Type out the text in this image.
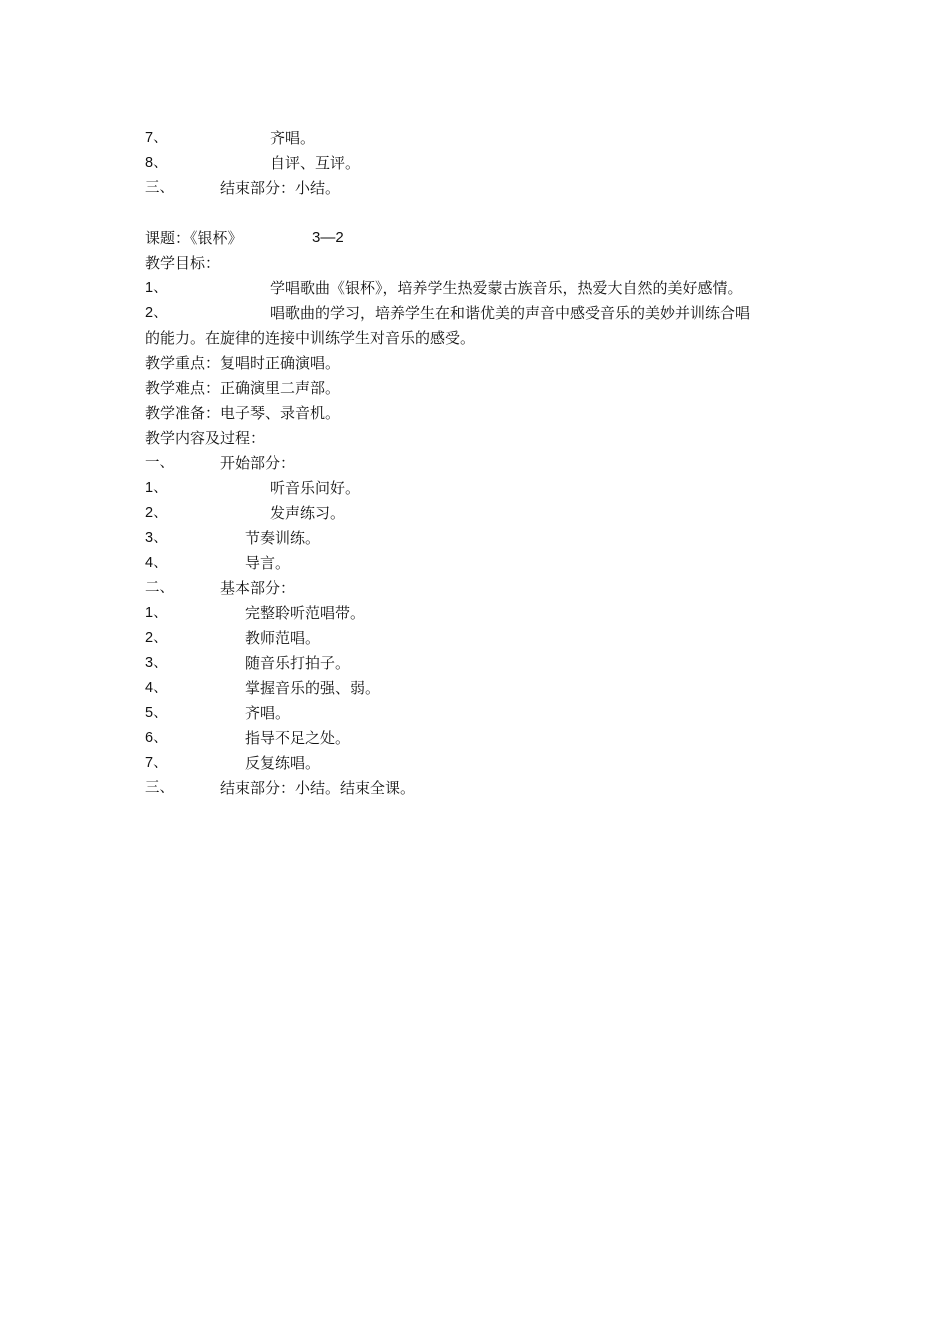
7、	齐唱。
8、	自评、互评。
三、	结束部分：小结。
课题：《银杯》	3—2
教学目标：
1、	学唱歌曲《银杯》，培养学生热爱蒙古族音乐，热爱大自然的美好感情。
2、	唱歌曲的学习，培养学生在和谐优美的声音中感受音乐的美妙并训练合唱
的能力。在旋律的连接中训练学生对音乐的感受。
教学重点：复唱时正确演唱。
教学难点：正确演里二声部。
教学准备：电子琴、录音机。
教学内容及过程：
一、	开始部分：
1、	听音乐问好。
2、	发声练习。
3、	节奏训练。
4、	导言。
二、	基本部分：
1、	完整聆听范唱带。
2、	教师范唱。
3、	随音乐打拍子。
4、	掌握音乐的强、弱。
5、	齐唱。
6、	指导不足之处。
7、	反复练唱。
三、	结束部分：小结。结束全课。
